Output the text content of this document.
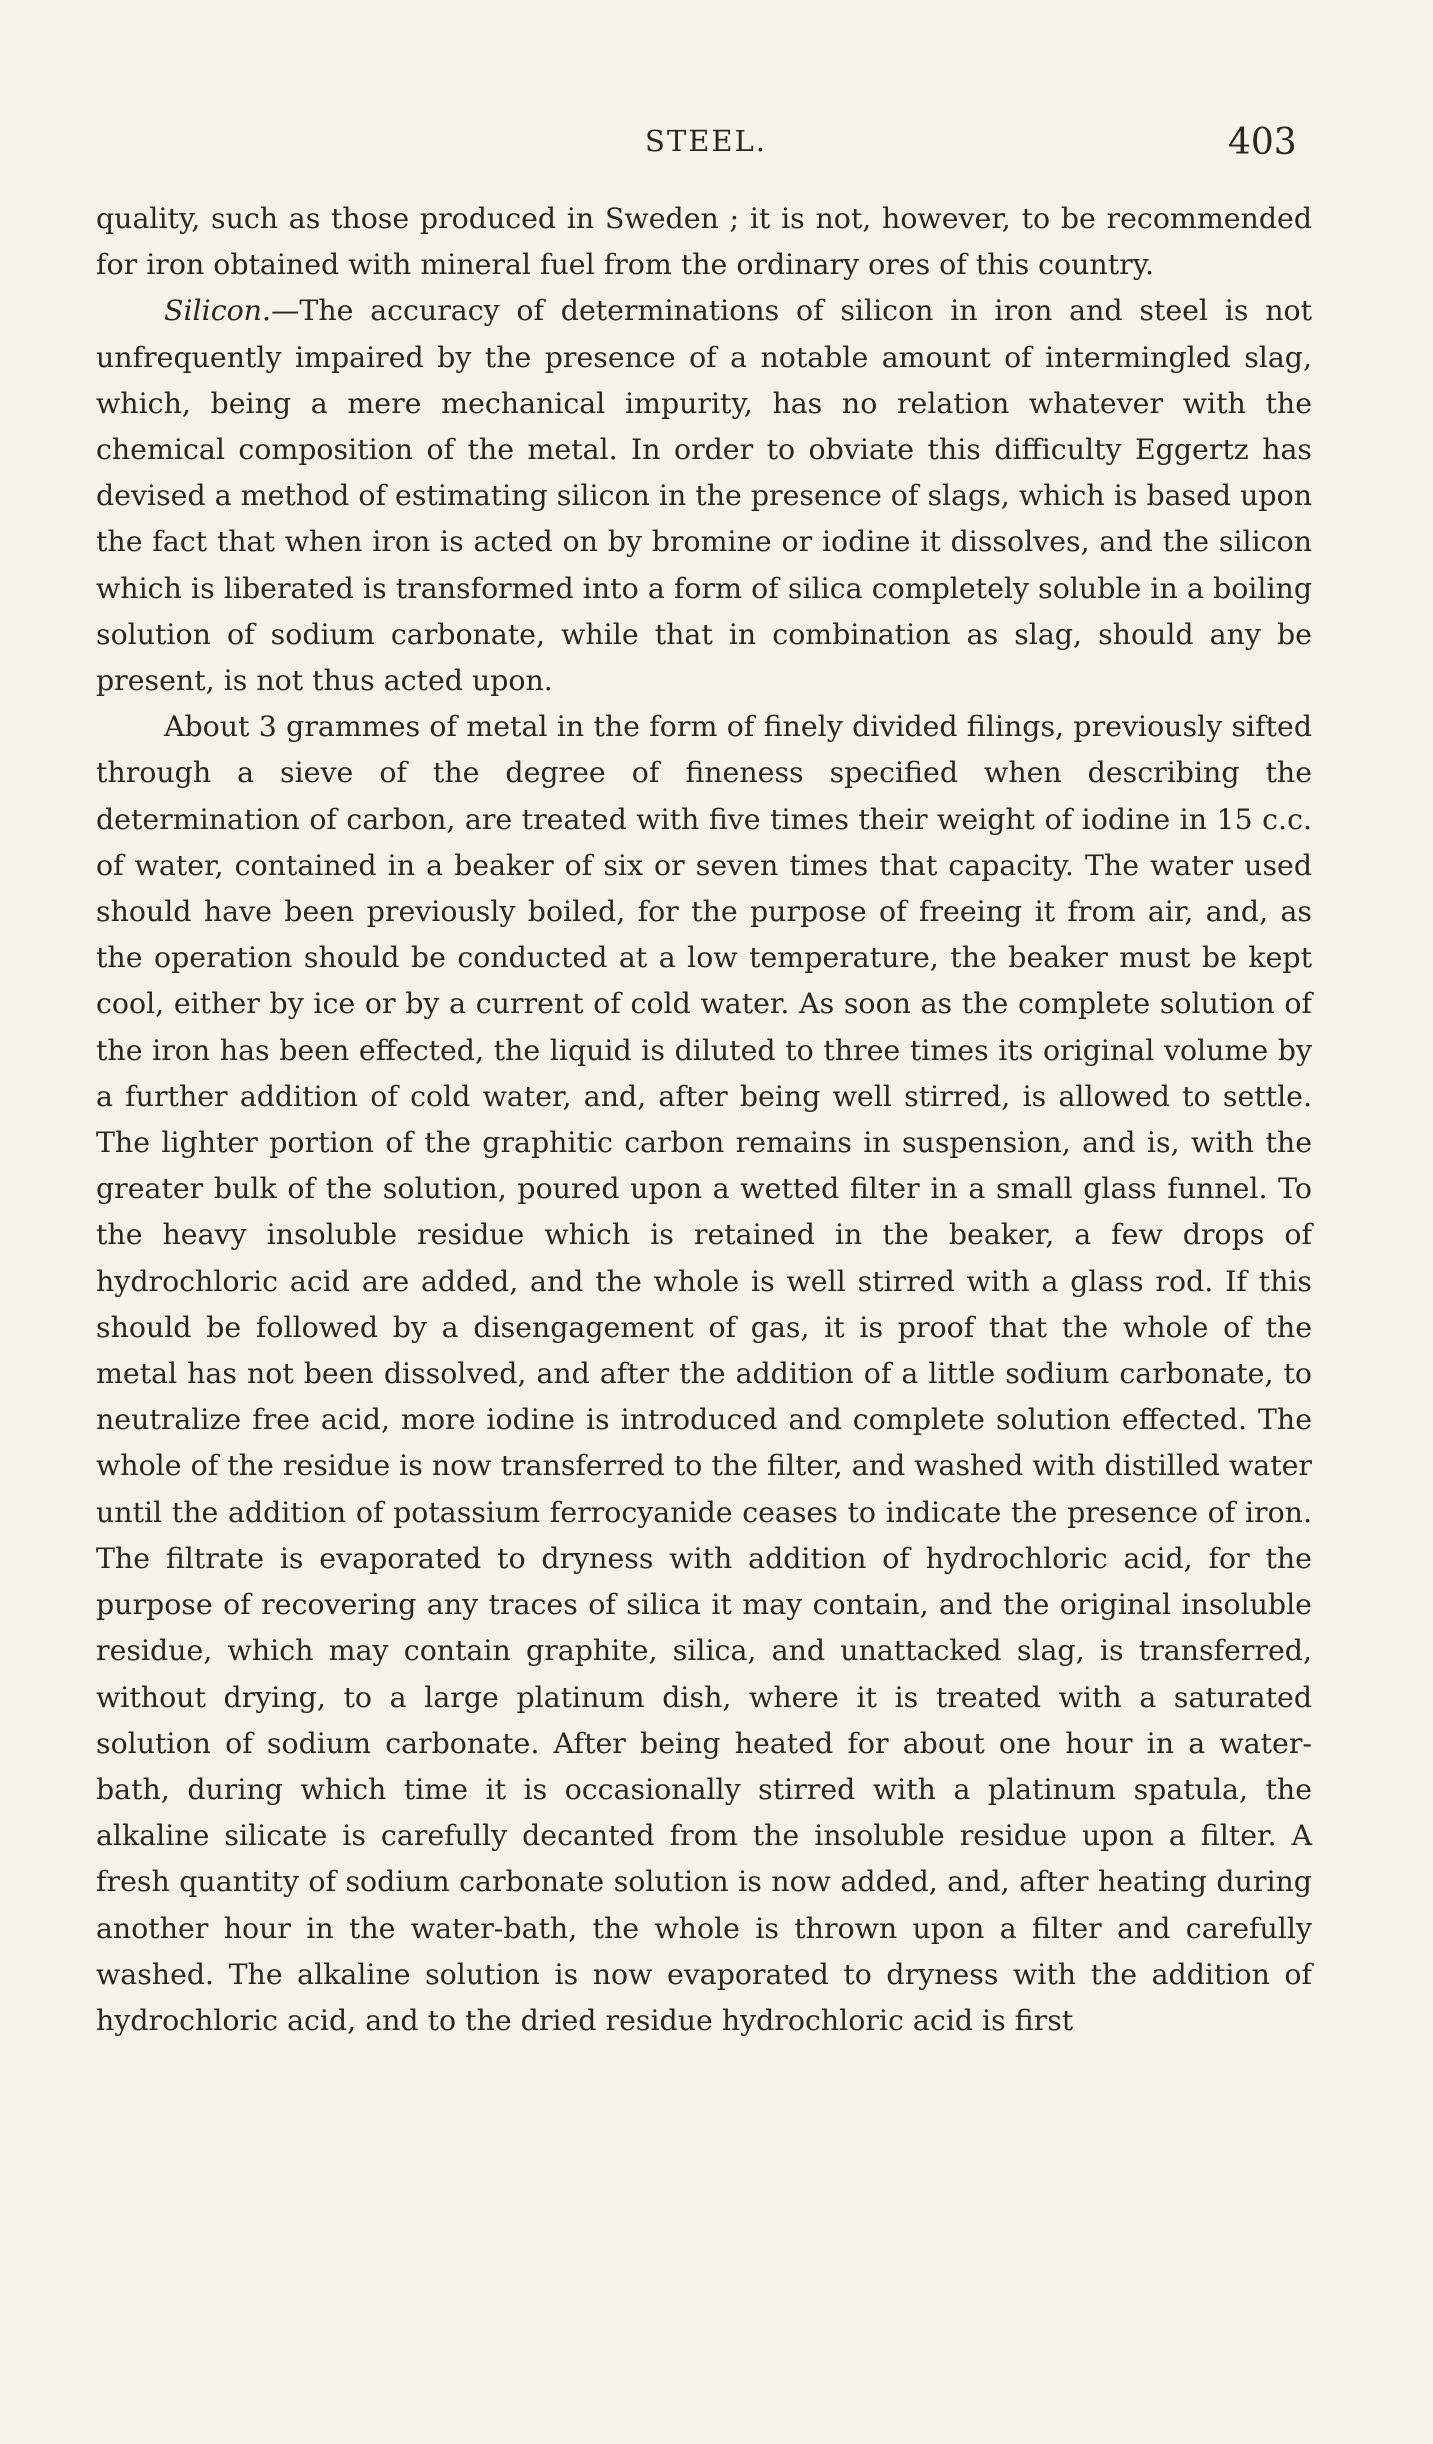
STEEL.	403

quality, such as those produced in Sweden ; it is not, however, to be recommended for iron obtained with mineral fuel from the ordinary ores of this country.

Silicon.—The accuracy of determinations of silicon in iron and steel is not unfrequently impaired by the presence of a notable amount of intermingled slag, which, being a mere mechanical impurity, has no relation whatever with the chemical composition of the metal. In order to obviate this difficulty Eggertz has devised a method of estimating silicon in the presence of slags, which is based upon the fact that when iron is acted on by bromine or iodine it dissolves, and the silicon which is liberated is transformed into a form of silica completely soluble in a boiling solution of sodium carbonate, while that in combination as slag, should any be present, is not thus acted upon.

About 3 grammes of metal in the form of finely divided filings, previously sifted through a sieve of the degree of fineness specified when describing the determination of carbon, are treated with five times their weight of iodine in 15 c.c. of water, contained in a beaker of six or seven times that capacity. The water used should have been previously boiled, for the purpose of freeing it from air, and, as the operation should be conducted at a low temperature, the beaker must be kept cool, either by ice or by a current of cold water. As soon as the complete solution of the iron has been effected, the liquid is diluted to three times its original volume by a further addition of cold water, and, after being well stirred, is allowed to settle. The lighter portion of the graphitic carbon remains in suspension, and is, with the greater bulk of the solution, poured upon a wetted filter in a small glass funnel. To the heavy insoluble residue which is retained in the beaker, a few drops of hydrochloric acid are added, and the whole is well stirred with a glass rod. If this should be followed by a disengagement of gas, it is proof that the whole of the metal has not been dissolved, and after the addition of a little sodium carbonate, to neutralize free acid, more iodine is introduced and complete solution effected. The whole of the residue is now transferred to the filter, and washed with distilled water until the addition of potassium ferrocyanide ceases to indicate the presence of iron. The filtrate is evaporated to dryness with addition of hydrochloric acid, for the purpose of recovering any traces of silica it may contain, and the original insoluble residue, which may contain graphite, silica, and unattacked slag, is transferred, without drying, to a large platinum dish, where it is treated with a saturated solution of sodium carbonate. After being heated for about one hour in a water-bath, during which time it is occasionally stirred with a platinum spatula, the alkaline silicate is carefully decanted from the insoluble residue upon a filter. A fresh quantity of sodium carbonate solution is now added, and, after heating during another hour in the water-bath, the whole is thrown upon a filter and carefully washed. The alkaline solution is now evaporated to dryness with the addition of hydrochloric acid, and to the dried residue hydrochloric acid is first
